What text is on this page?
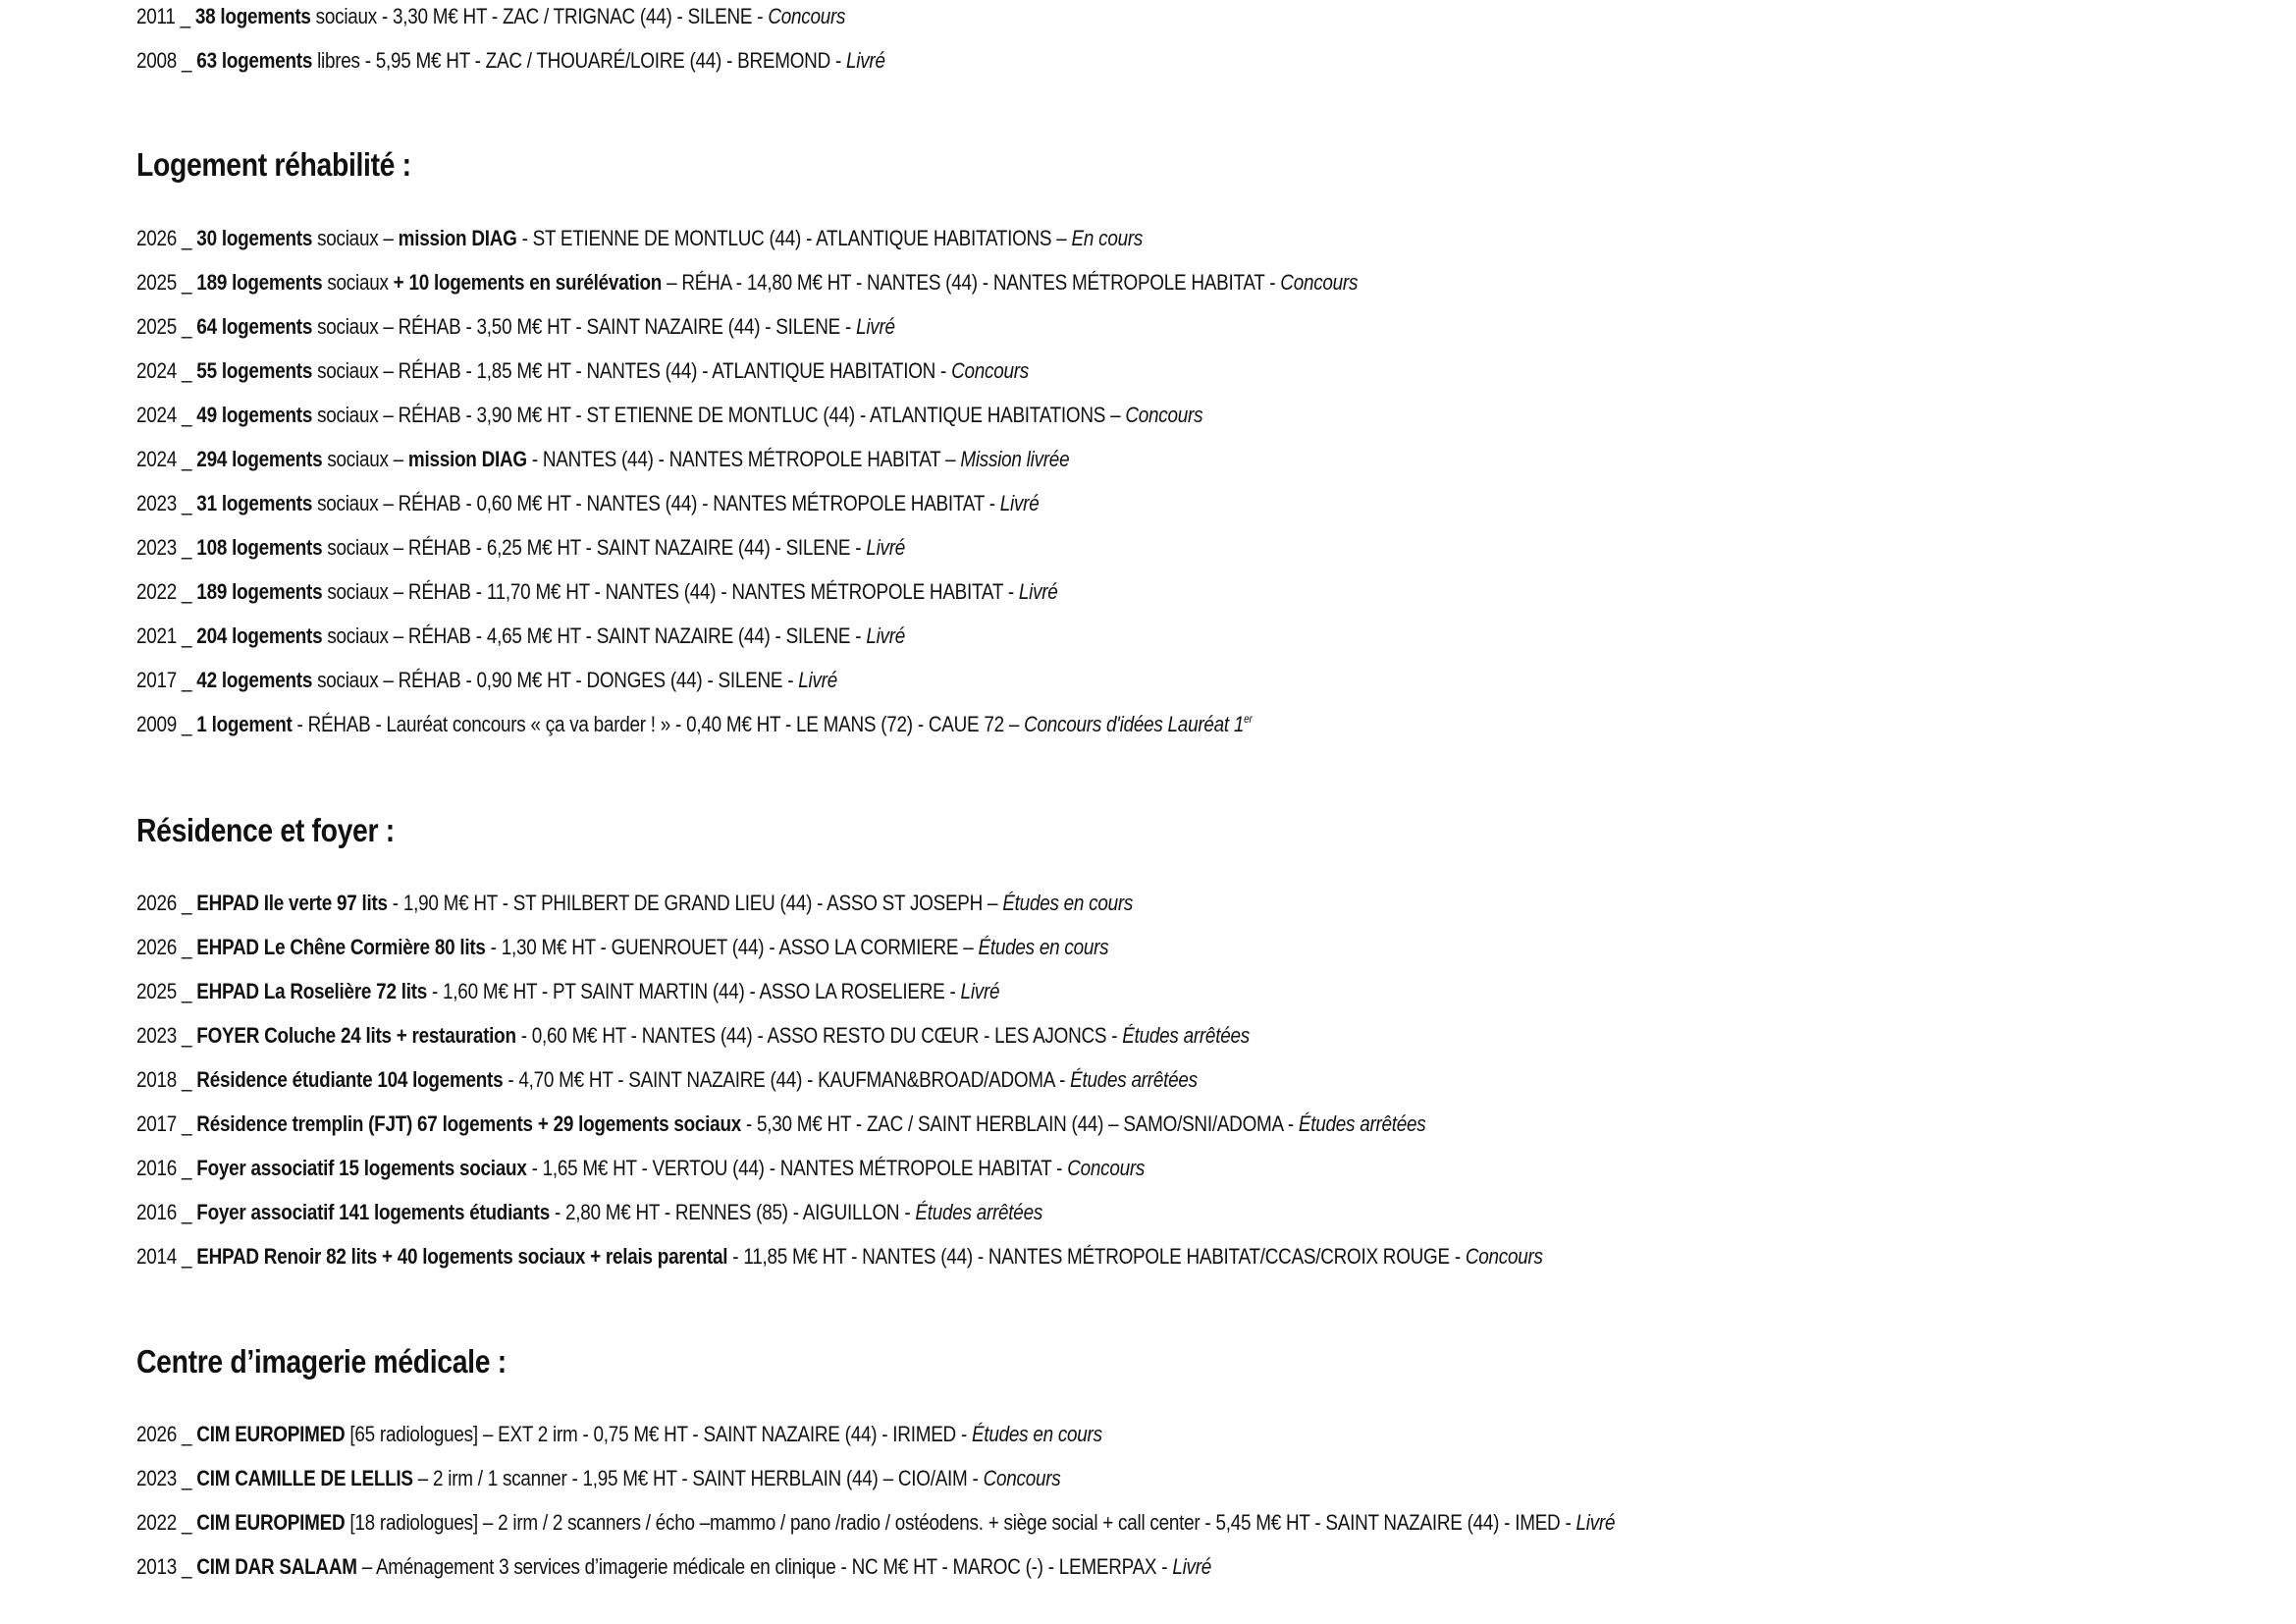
2011 _ 38 logements sociaux - 3,30 M€ HT - ZAC / TRIGNAC (44) - SILENE - Concours
2008 _ 63 logements libres - 5,95 M€ HT - ZAC / THOUARÉ/LOIRE (44) - BREMOND - Livré
Logement réhabilité :
2026 _ 30 logements sociaux – mission DIAG - ST ETIENNE DE MONTLUC (44) - ATLANTIQUE HABITATIONS – En cours
2025 _ 189 logements sociaux + 10 logements en surélévation – RÉHA - 14,80 M€ HT - NANTES (44) - NANTES MÉTROPOLE HABITAT - Concours
2025 _ 64 logements sociaux – RÉHAB - 3,50 M€ HT - SAINT NAZAIRE (44) - SILENE - Livré
2024 _ 55 logements sociaux – RÉHAB - 1,85 M€ HT - NANTES (44) - ATLANTIQUE HABITATION - Concours
2024 _ 49 logements sociaux – RÉHAB - 3,90 M€ HT - ST ETIENNE DE MONTLUC (44) - ATLANTIQUE HABITATIONS – Concours
2024 _ 294 logements sociaux – mission DIAG - NANTES (44) - NANTES MÉTROPOLE HABITAT – Mission livrée
2023 _ 31 logements sociaux – RÉHAB - 0,60 M€ HT - NANTES (44) - NANTES MÉTROPOLE HABITAT - Livré
2023 _ 108 logements sociaux – RÉHAB - 6,25 M€ HT - SAINT NAZAIRE (44) - SILENE - Livré
2022 _ 189 logements sociaux – RÉHAB - 11,70 M€ HT - NANTES (44) - NANTES MÉTROPOLE HABITAT - Livré
2021 _ 204 logements sociaux – RÉHAB - 4,65 M€ HT - SAINT NAZAIRE (44) - SILENE - Livré
2017 _ 42 logements sociaux – RÉHAB - 0,90 M€ HT - DONGES (44) - SILENE - Livré
2009 _ 1 logement - RÉHAB - Lauréat concours « ça va barder ! » - 0,40 M€ HT - LE MANS (72) - CAUE 72 – Concours d'idées Lauréat 1er
Résidence et foyer :
2026 _ EHPAD Ile verte 97 lits - 1,90 M€ HT - ST PHILBERT DE GRAND LIEU (44) - ASSO ST JOSEPH – Études en cours
2026 _ EHPAD Le Chêne Cormière 80 lits - 1,30 M€ HT - GUENROUET (44) - ASSO LA CORMIERE – Études en cours
2025 _ EHPAD La Roselière 72 lits - 1,60 M€ HT - PT SAINT MARTIN (44) - ASSO LA ROSELIERE - Livré
2023 _ FOYER Coluche 24 lits + restauration - 0,60 M€ HT - NANTES (44) - ASSO RESTO DU CŒUR - LES AJONCS - Études arrêtées
2018 _ Résidence étudiante 104 logements - 4,70 M€ HT - SAINT NAZAIRE (44) - KAUFMAN&BROAD/ADOMA - Études arrêtées
2017 _ Résidence tremplin (FJT) 67 logements + 29 logements sociaux - 5,30 M€ HT - ZAC / SAINT HERBLAIN (44) – SAMO/SNI/ADOMA - Études arrêtées
2016 _ Foyer associatif 15 logements sociaux - 1,65 M€ HT - VERTOU (44) - NANTES MÉTROPOLE HABITAT - Concours
2016 _ Foyer associatif 141 logements étudiants - 2,80 M€ HT - RENNES (85) - AIGUILLON - Études arrêtées
2014 _ EHPAD Renoir 82 lits + 40 logements sociaux + relais parental - 11,85 M€ HT - NANTES (44) - NANTES MÉTROPOLE HABITAT/CCAS/CROIX ROUGE - Concours
Centre d’imagerie médicale :
2026 _ CIM EUROPIMED [65 radiologues] – EXT 2 irm - 0,75 M€ HT - SAINT NAZAIRE (44) - IRIMED - Études en cours
2023 _ CIM CAMILLE DE LELLIS – 2 irm / 1 scanner - 1,95 M€ HT - SAINT HERBLAIN (44) – CIO/AIM - Concours
2022 _ CIM EUROPIMED [18 radiologues] – 2 irm / 2 scanners / écho –mammo / pano /radio / ostéodens. + siège social + call center - 5,45 M€ HT - SAINT NAZAIRE (44) - IMED - Livré
2013 _ CIM DAR SALAAM – Aménagement 3 services d’imagerie médicale en clinique - NC M€ HT - MAROC (-) - LEMERPAX - Livré
